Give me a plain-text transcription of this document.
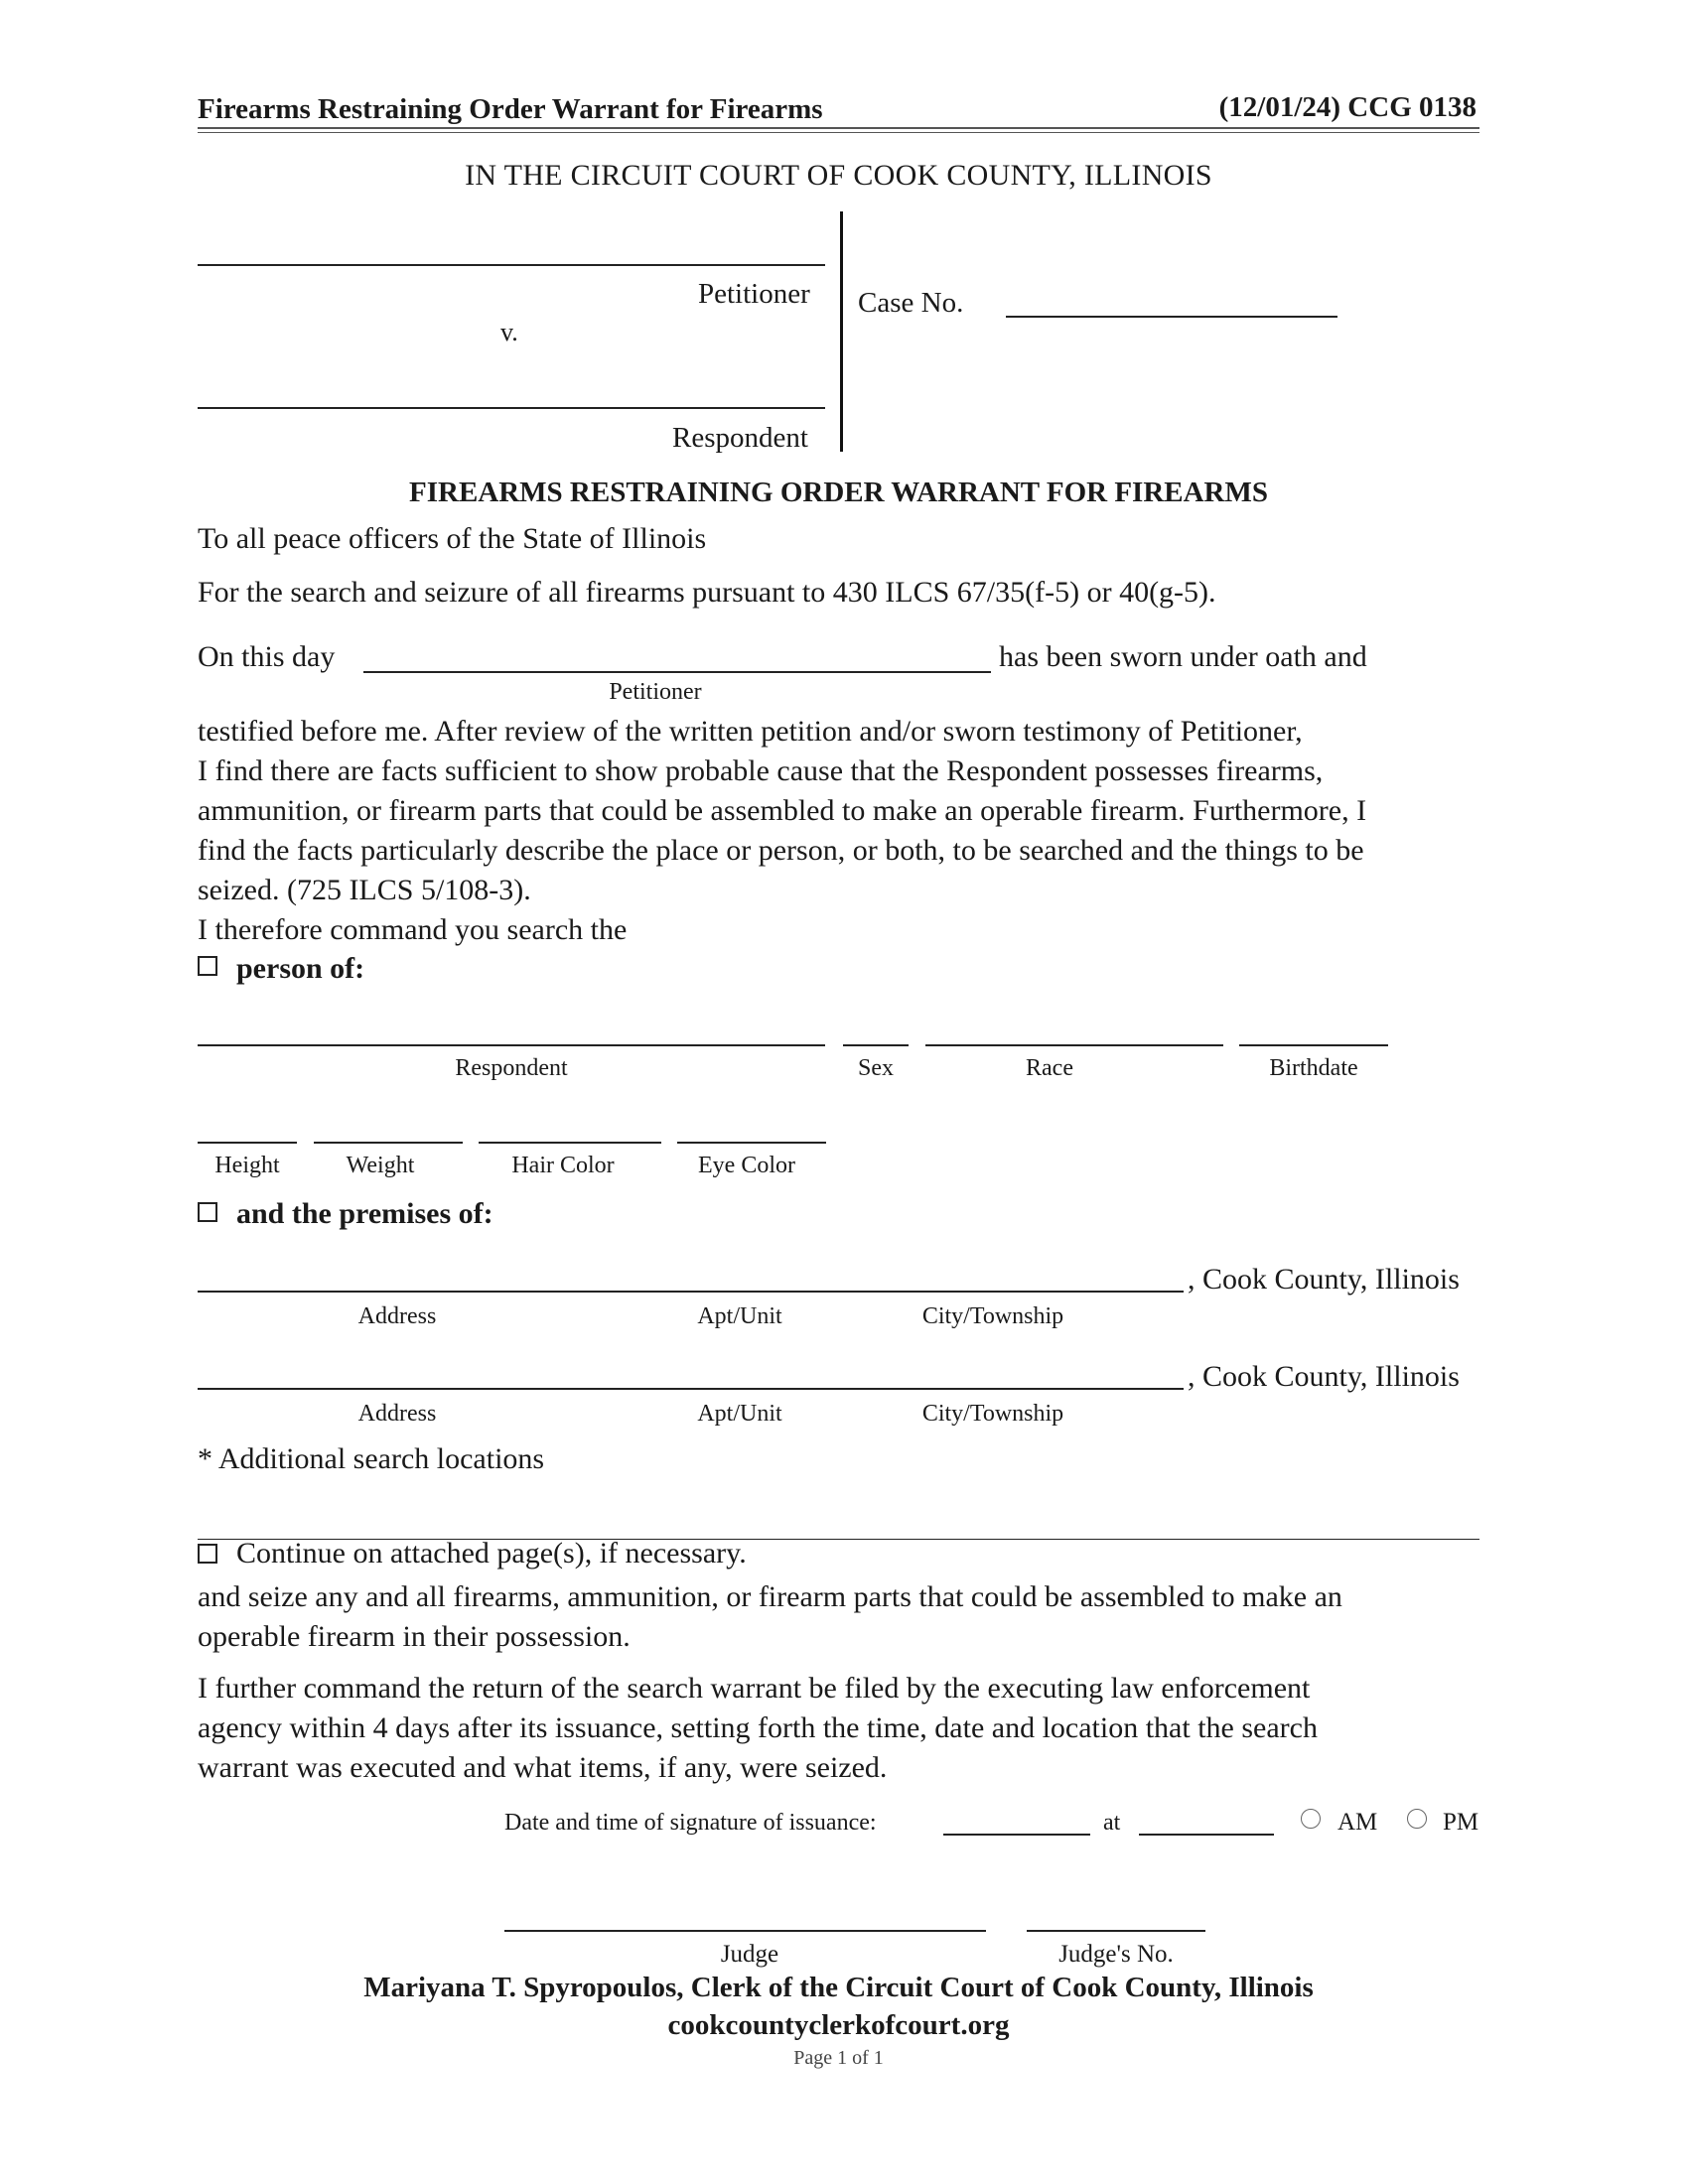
Firearms Restraining Order Warrant for Firearms	(12/01/24) CCG 0138
IN THE CIRCUIT COURT OF COOK COUNTY, ILLINOIS
Petitioner
v.
Respondent
Case No.
FIREARMS RESTRAINING ORDER WARRANT FOR FIREARMS
To all peace officers of the State of Illinois
For the search and seizure of all firearms pursuant to 430 ILCS 67/35(f-5) or 40(g-5).
On this day	has been sworn under oath and
Petitioner
testified before me. After review of the written petition and/or sworn testimony of Petitioner,
I find there are facts sufficient to show probable cause that the Respondent possesses firearms,
ammunition, or firearm parts that could be assembled to make an operable firearm. Furthermore, I
find the facts particularly describe the place or person, or both, to be searched and the things to be
seized. (725 ILCS 5/108-3).
I therefore command you search the
person of:
Respondent	Sex	Race	Birthdate
Height	Weight	Hair Color	Eye Color
and the premises of:
, Cook County, Illinois
Address	Apt/Unit	City/Township
, Cook County, Illinois
Address	Apt/Unit	City/Township
* Additional search locations
Continue on attached page(s), if necessary.
and seize any and all firearms, ammunition, or firearm parts that could be assembled to make an
operable firearm in their possession.
I further command the return of the search warrant be filed by the executing law enforcement
agency within 4 days after its issuance, setting forth the time, date and location that the search
warrant was executed and what items, if any, were seized.
Date and time of signature of issuance:	at	AM	PM
Judge	Judge's No.
Mariyana T. Spyropoulos, Clerk of the Circuit Court of Cook County, Illinois
cookcountyclerkofcourt.org
Page 1 of 1
